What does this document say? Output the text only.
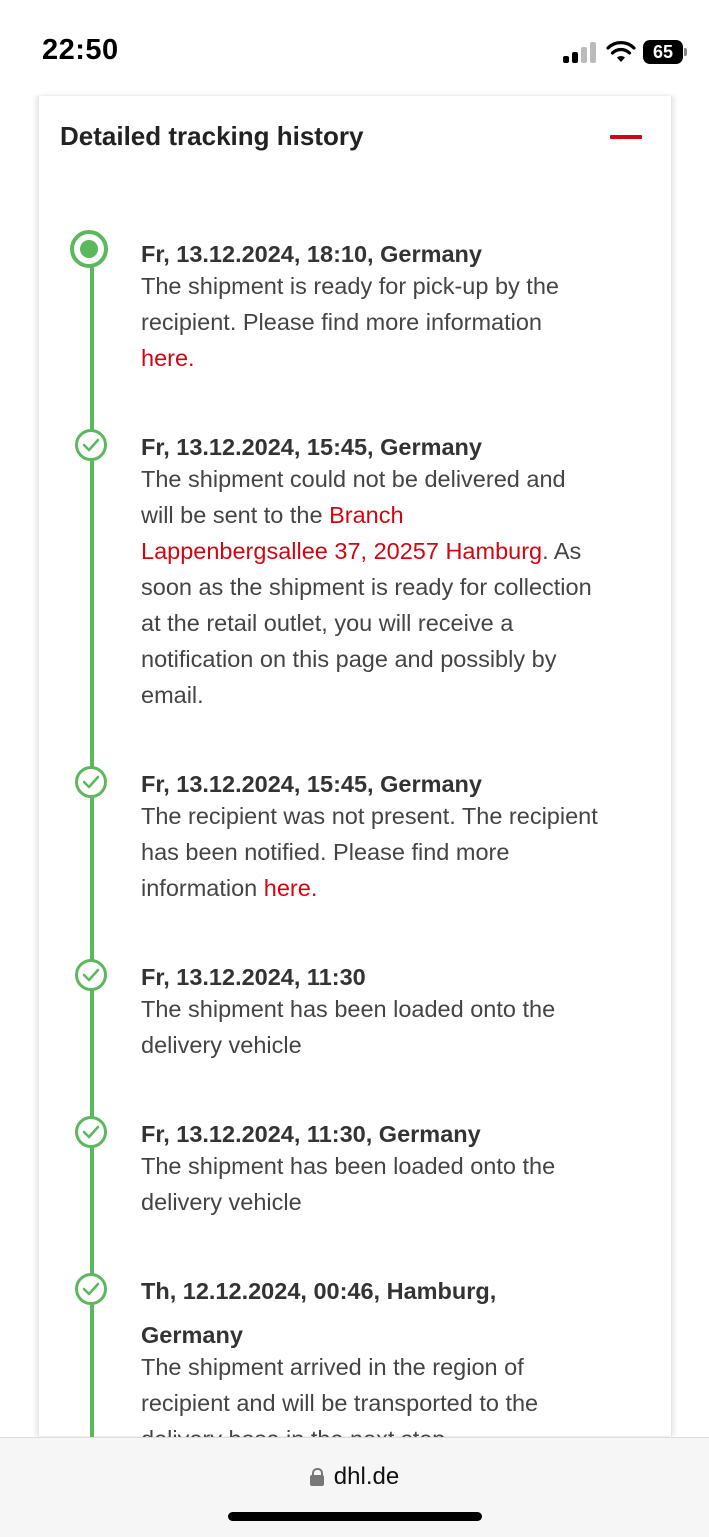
22:50	65
Detailed tracking history
Fr, 13.12.2024, 18:10, Germany
The shipment is ready for pick-up by the
recipient. Please find more information
here.
Fr, 13.12.2024, 15:45, Germany
The shipment could not be delivered and
will be sent to the Branch
Lappenbergsallee 37, 20257 Hamburg. As
soon as the shipment is ready for collection
at the retail outlet, you will receive a
notification on this page and possibly by
email.
Fr, 13.12.2024, 15:45, Germany
The recipient was not present. The recipient
has been notified. Please find more
information here.
Fr, 13.12.2024, 11:30
The shipment has been loaded onto the
delivery vehicle
Fr, 13.12.2024, 11:30, Germany
The shipment has been loaded onto the
delivery vehicle
Th, 12.12.2024, 00:46, Hamburg,
Germany
The shipment arrived in the region of
recipient and will be transported to the
dhl.de
